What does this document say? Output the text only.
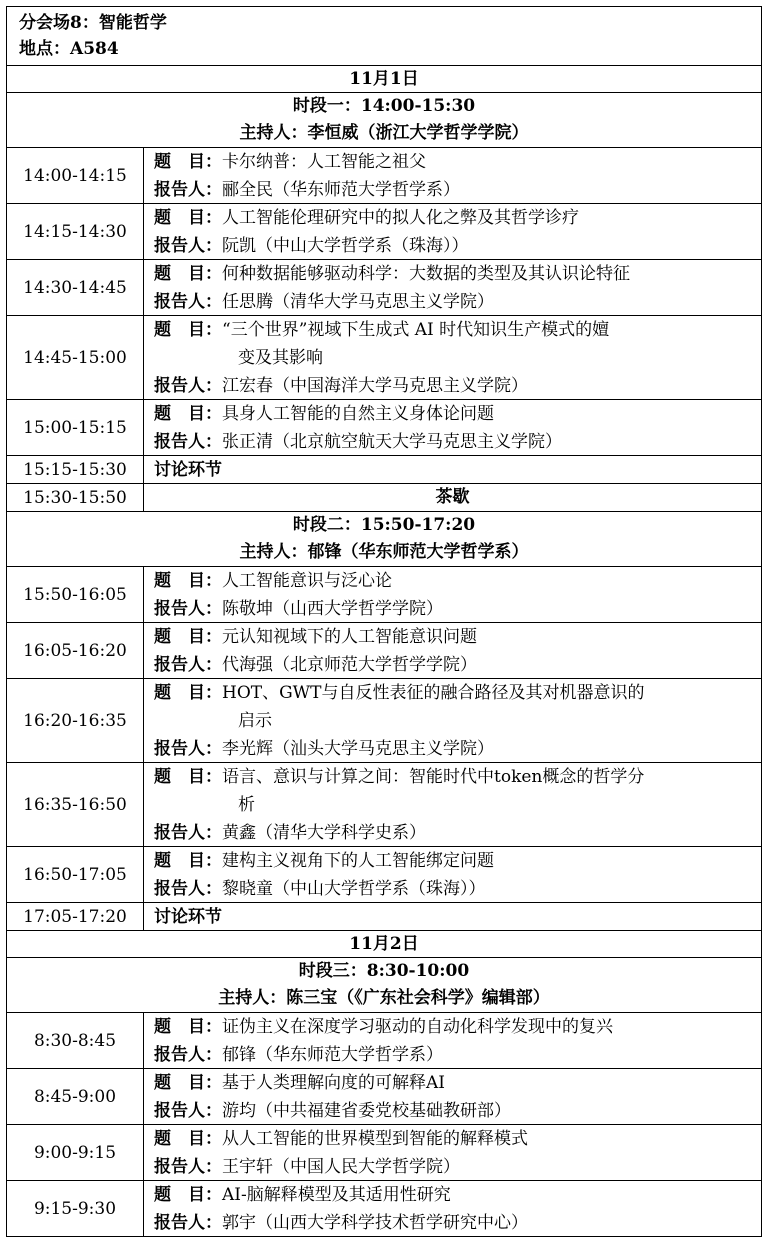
分会场8：智能哲学
地点：A584
11月1日
时段一：14:00-15:30
主持人：李恒威（浙江大学哲学学院）
14:00-14:15
题　目：卡尔纳普：人工智能之祖父
报告人：郦全民（华东师范大学哲学系）
14:15-14:30
题　目：人工智能伦理研究中的拟人化之弊及其哲学诊疗
报告人：阮凯（中山大学哲学系（珠海））
14:30-14:45
题　目：何种数据能够驱动科学：大数据的类型及其认识论特征
报告人：任思腾（清华大学马克思主义学院）
14:45-15:00
题　目：“三个世界”视域下生成式 AI 时代知识生产模式的嬗
变及其影响
报告人：江宏春（中国海洋大学马克思主义学院）
15:00-15:15
题　目：具身人工智能的自然主义身体论问题
报告人：张正清（北京航空航天大学马克思主义学院）
15:15-15:30	讨论环节
15:30-15:50	茶歇
时段二：15:50-17:20
主持人：郁锋（华东师范大学哲学系）
15:50-16:05
题　目：人工智能意识与泛心论
报告人：陈敬坤（山西大学哲学学院）
16:05-16:20
题　目：元认知视域下的人工智能意识问题
报告人：代海强（北京师范大学哲学学院）
16:20-16:35
题　目：HOT、GWT与自反性表征的融合路径及其对机器意识的
启示
报告人：李光辉（汕头大学马克思主义学院）
16:35-16:50
题　目：语言、意识与计算之间：智能时代中token概念的哲学分
析
报告人：黄鑫（清华大学科学史系）
16:50-17:05
题　目：建构主义视角下的人工智能绑定问题
报告人：黎晓童（中山大学哲学系（珠海））
17:05-17:20	讨论环节
11月2日
时段三：8:30-10:00
主持人：陈三宝（《广东社会科学》编辑部）
8:30-8:45
题　目：证伪主义在深度学习驱动的自动化科学发现中的复兴
报告人：郁锋（华东师范大学哲学系）
8:45-9:00
题　目：基于人类理解向度的可解释AI
报告人：游均（中共福建省委党校基础教研部）
9:00-9:15
题　目：从人工智能的世界模型到智能的解释模式
报告人：王宇轩（中国人民大学哲学院）
9:15-9:30
题　目：AI-脑解释模型及其适用性研究
报告人：郭宇（山西大学科学技术哲学研究中心）
